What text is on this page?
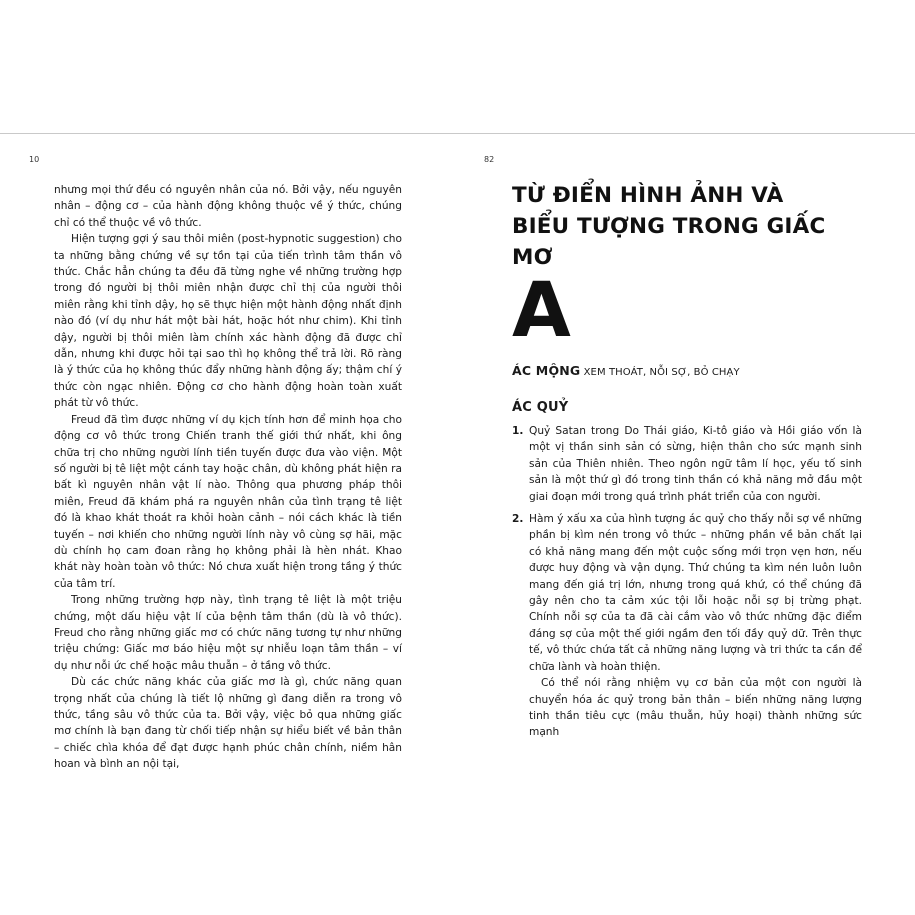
10

nhưng mọi thứ đều có nguyên nhân của nó. Bởi vậy, nếu nguyên nhân – động cơ – của hành động không thuộc về ý thức, chúng chỉ có thể thuộc về vô thức.

Hiện tượng gợi ý sau thôi miên (post-hypnotic suggestion) cho ta những bằng chứng về sự tồn tại của tiến trình tâm thần vô thức. Chắc hẳn chúng ta đều đã từng nghe về những trường hợp trong đó người bị thôi miên nhận được chỉ thị của người thôi miên rằng khi tỉnh dậy, họ sẽ thực hiện một hành động nhất định nào đó (ví dụ như hát một bài hát, hoặc hót như chim). Khi tỉnh dậy, người bị thôi miên làm chính xác hành động đã được chỉ dẫn, nhưng khi được hỏi tại sao thì họ không thể trả lời. Rõ ràng là ý thức của họ không thúc đẩy những hành động ấy; thậm chí ý thức còn ngạc nhiên. Động cơ cho hành động hoàn toàn xuất phát từ vô thức.

Freud đã tìm được những ví dụ kịch tính hơn để minh họa cho động cơ vô thức trong Chiến tranh thế giới thứ nhất, khi ông chữa trị cho những người lính tiền tuyến được đưa vào viện. Một số người bị tê liệt một cánh tay hoặc chân, dù không phát hiện ra bất kì nguyên nhân vật lí nào. Thông qua phương pháp thôi miên, Freud đã khám phá ra nguyên nhân của tình trạng tê liệt đó là khao khát thoát ra khỏi hoàn cảnh – nói cách khác là tiền tuyến – nơi khiến cho những người lính này vô cùng sợ hãi, mặc dù chính họ cam đoan rằng họ không phải là hèn nhát. Khao khát này hoàn toàn vô thức: Nó chưa xuất hiện trong tầng ý thức của tâm trí.

Trong những trường hợp này, tình trạng tê liệt là một triệu chứng, một dấu hiệu vật lí của bệnh tâm thần (dù là vô thức). Freud cho rằng những giấc mơ có chức năng tương tự như những triệu chứng: Giấc mơ báo hiệu một sự nhiễu loạn tâm thần – ví dụ như nỗi ức chế hoặc mâu thuẫn – ở tầng vô thức.

Dù các chức năng khác của giấc mơ là gì, chức năng quan trọng nhất của chúng là tiết lộ những gì đang diễn ra trong vô thức, tầng sâu vô thức của ta. Bởi vậy, việc bỏ qua những giấc mơ chính là bạn đang từ chối tiếp nhận sự hiểu biết về bản thân – chiếc chìa khóa để đạt được hạnh phúc chân chính, niềm hân hoan và bình an nội tại,

82
TỪ ĐIỂN HÌNH ẢNH VÀ
BIỂU TƯỢNG TRONG GIẤC MƠ
A
ÁC MỘNG XEM THOÁT, NỖI SỢ, BỎ CHẠY
ÁC QUỶ
1. Quỷ Satan trong Do Thái giáo, Ki-tô giáo và Hồi giáo vốn là một vị thần sinh sản có sừng, hiện thân cho sức mạnh sinh sản của Thiên nhiên. Theo ngôn ngữ tâm lí học, yếu tố sinh sản là một thứ gì đó trong tinh thần có khả năng mở đầu một giai đoạn mới trong quá trình phát triển của con người.
2. Hàm ý xấu xa của hình tượng ác quỷ cho thấy nỗi sợ về những phần bị kìm nén trong vô thức – những phần về bản chất lại có khả năng mang đến một cuộc sống mới trọn vẹn hơn, nếu được huy động và vận dụng. Thứ chúng ta kìm nén luôn luôn mang đến giá trị lớn, nhưng trong quá khứ, có thể chúng đã gây nên cho ta cảm xúc tội lỗi hoặc nỗi sợ bị trừng phạt. Chính nỗi sợ của ta đã cài cắm vào vô thức những đặc điểm đáng sợ của một thế giới ngầm đen tối đầy quỷ dữ. Trên thực tế, vô thức chứa tất cả những năng lượng và tri thức ta cần để chữa lành và hoàn thiện.

Có thể nói rằng nhiệm vụ cơ bản của một con người là chuyển hóa ác quỷ trong bản thân – biến những năng lượng tinh thần tiêu cực (mâu thuẫn, hủy hoại) thành những sức mạnh
